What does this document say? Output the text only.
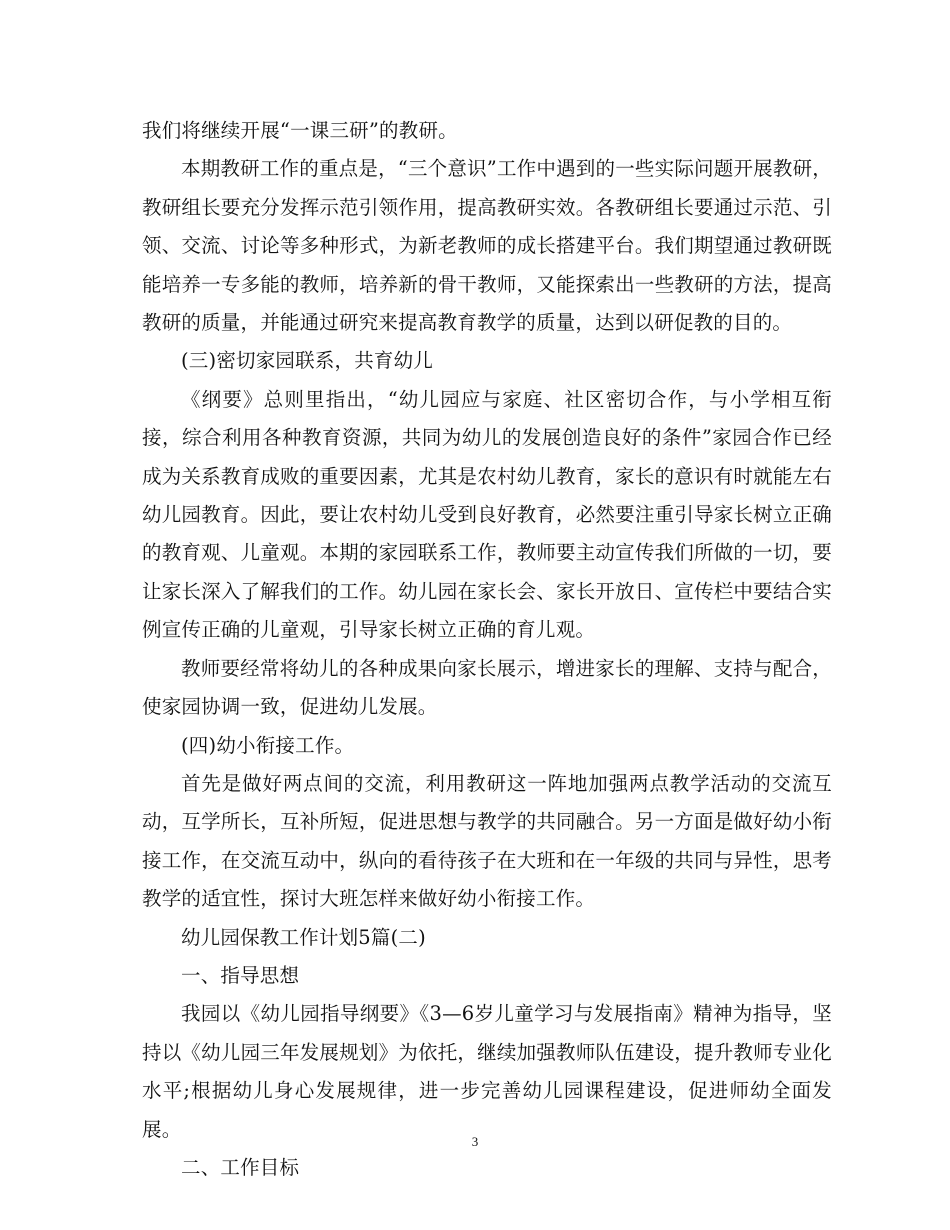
我们将继续开展“一课三研”的教研。

本期教研工作的重点是，“三个意识”工作中遇到的一些实际问题开展教研，教研组长要充分发挥示范引领作用，提高教研实效。各教研组长要通过示范、引领、交流、讨论等多种形式，为新老教师的成长搭建平台。我们期望通过教研既能培养一专多能的教师，培养新的骨干教师，又能探索出一些教研的方法，提高教研的质量，并能通过研究来提高教育教学的质量，达到以研促教的目的。

(三)密切家园联系，共育幼儿

《纲要》总则里指出，“幼儿园应与家庭、社区密切合作，与小学相互衔接，综合利用各种教育资源，共同为幼儿的发展创造良好的条件”家园合作已经成为关系教育成败的重要因素，尤其是农村幼儿教育，家长的意识有时就能左右幼儿园教育。因此，要让农村幼儿受到良好教育，必然要注重引导家长树立正确的教育观、儿童观。本期的家园联系工作，教师要主动宣传我们所做的一切，要让家长深入了解我们的工作。幼儿园在家长会、家长开放日、宣传栏中要结合实例宣传正确的儿童观，引导家长树立正确的育儿观。

教师要经常将幼儿的各种成果向家长展示，增进家长的理解、支持与配合，使家园协调一致，促进幼儿发展。

(四)幼小衔接工作。

首先是做好两点间的交流，利用教研这一阵地加强两点教学活动的交流互动，互学所长，互补所短，促进思想与教学的共同融合。另一方面是做好幼小衔接工作，在交流互动中，纵向的看待孩子在大班和在一年级的共同与异性，思考教学的适宜性，探讨大班怎样来做好幼小衔接工作。

幼儿园保教工作计划5篇(二)

一、指导思想

我园以《幼儿园指导纲要》《3—6岁儿童学习与发展指南》精神为指导，坚持以《幼儿园三年发展规划》为依托，继续加强教师队伍建设，提升教师专业化水平;根据幼儿身心发展规律，进一步完善幼儿园课程建设，促进师幼全面发展。

二、工作目标

3
